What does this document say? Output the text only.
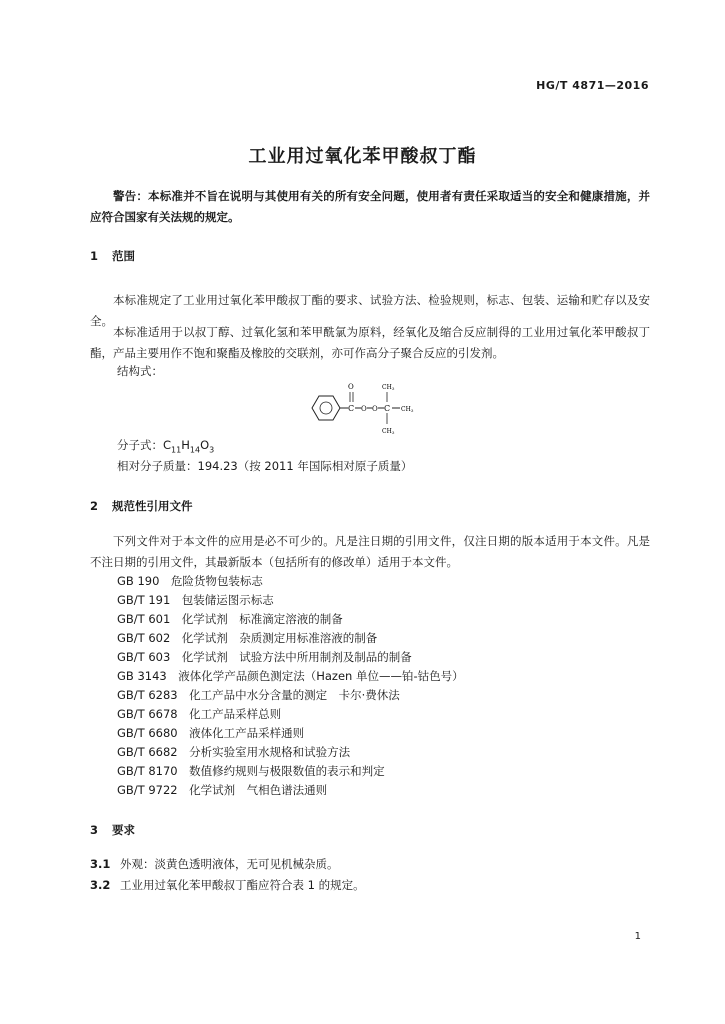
HG/T 4871—2016
工业用过氧化苯甲酸叔丁酯
警告：本标准并不旨在说明与其使用有关的所有安全问题，使用者有责任采取适当的安全和健康措施，并应符合国家有关法规的规定。
1 范围
本标准规定了工业用过氧化苯甲酸叔丁酯的要求、试验方法、检验规则，标志、包装、运输和贮存以及安全。
本标准适用于以叔丁醇、过氧化氢和苯甲酰氯为原料，经氧化及缩合反应制得的工业用过氧化苯甲酸叔丁酯，产品主要用作不饱和聚酯及橡胶的交联剂，亦可作高分子聚合反应的引发剂。
结构式：
C
O
O O C
CH3
CH3
CH3
分子式：$C_{11}H_{14}O_3$
相对分子质量：194.23（按 2011 年国际相对原子质量）
2 规范性引用文件
下列文件对于本文件的应用是必不可少的。凡是注日期的引用文件，仅注日期的版本适用于本文件。凡是不注日期的引用文件，其最新版本（包括所有的修改单）适用于本文件。
GB 190　危险货物包装标志
GB/T 191　包装储运图示标志
GB/T 601　化学试剂　标准滴定溶液的制备
GB/T 602　化学试剂　杂质测定用标准溶液的制备
GB/T 603　化学试剂　试验方法中所用制剂及制品的制备
GB 3143　液体化学产品颜色测定法（Hazen 单位——铂-钴色号）
GB/T 6283　化工产品中水分含量的测定　卡尔·费休法
GB/T 6678　化工产品采样总则
GB/T 6680　液体化工产品采样通则
GB/T 6682　分析实验室用水规格和试验方法
GB/T 8170　数值修约规则与极限数值的表示和判定
GB/T 9722　化学试剂　气相色谱法通则
3 要求
3.1 外观：淡黄色透明液体，无可见机械杂质。
3.2 工业用过氧化苯甲酸叔丁酯应符合表 1 的规定。
1
